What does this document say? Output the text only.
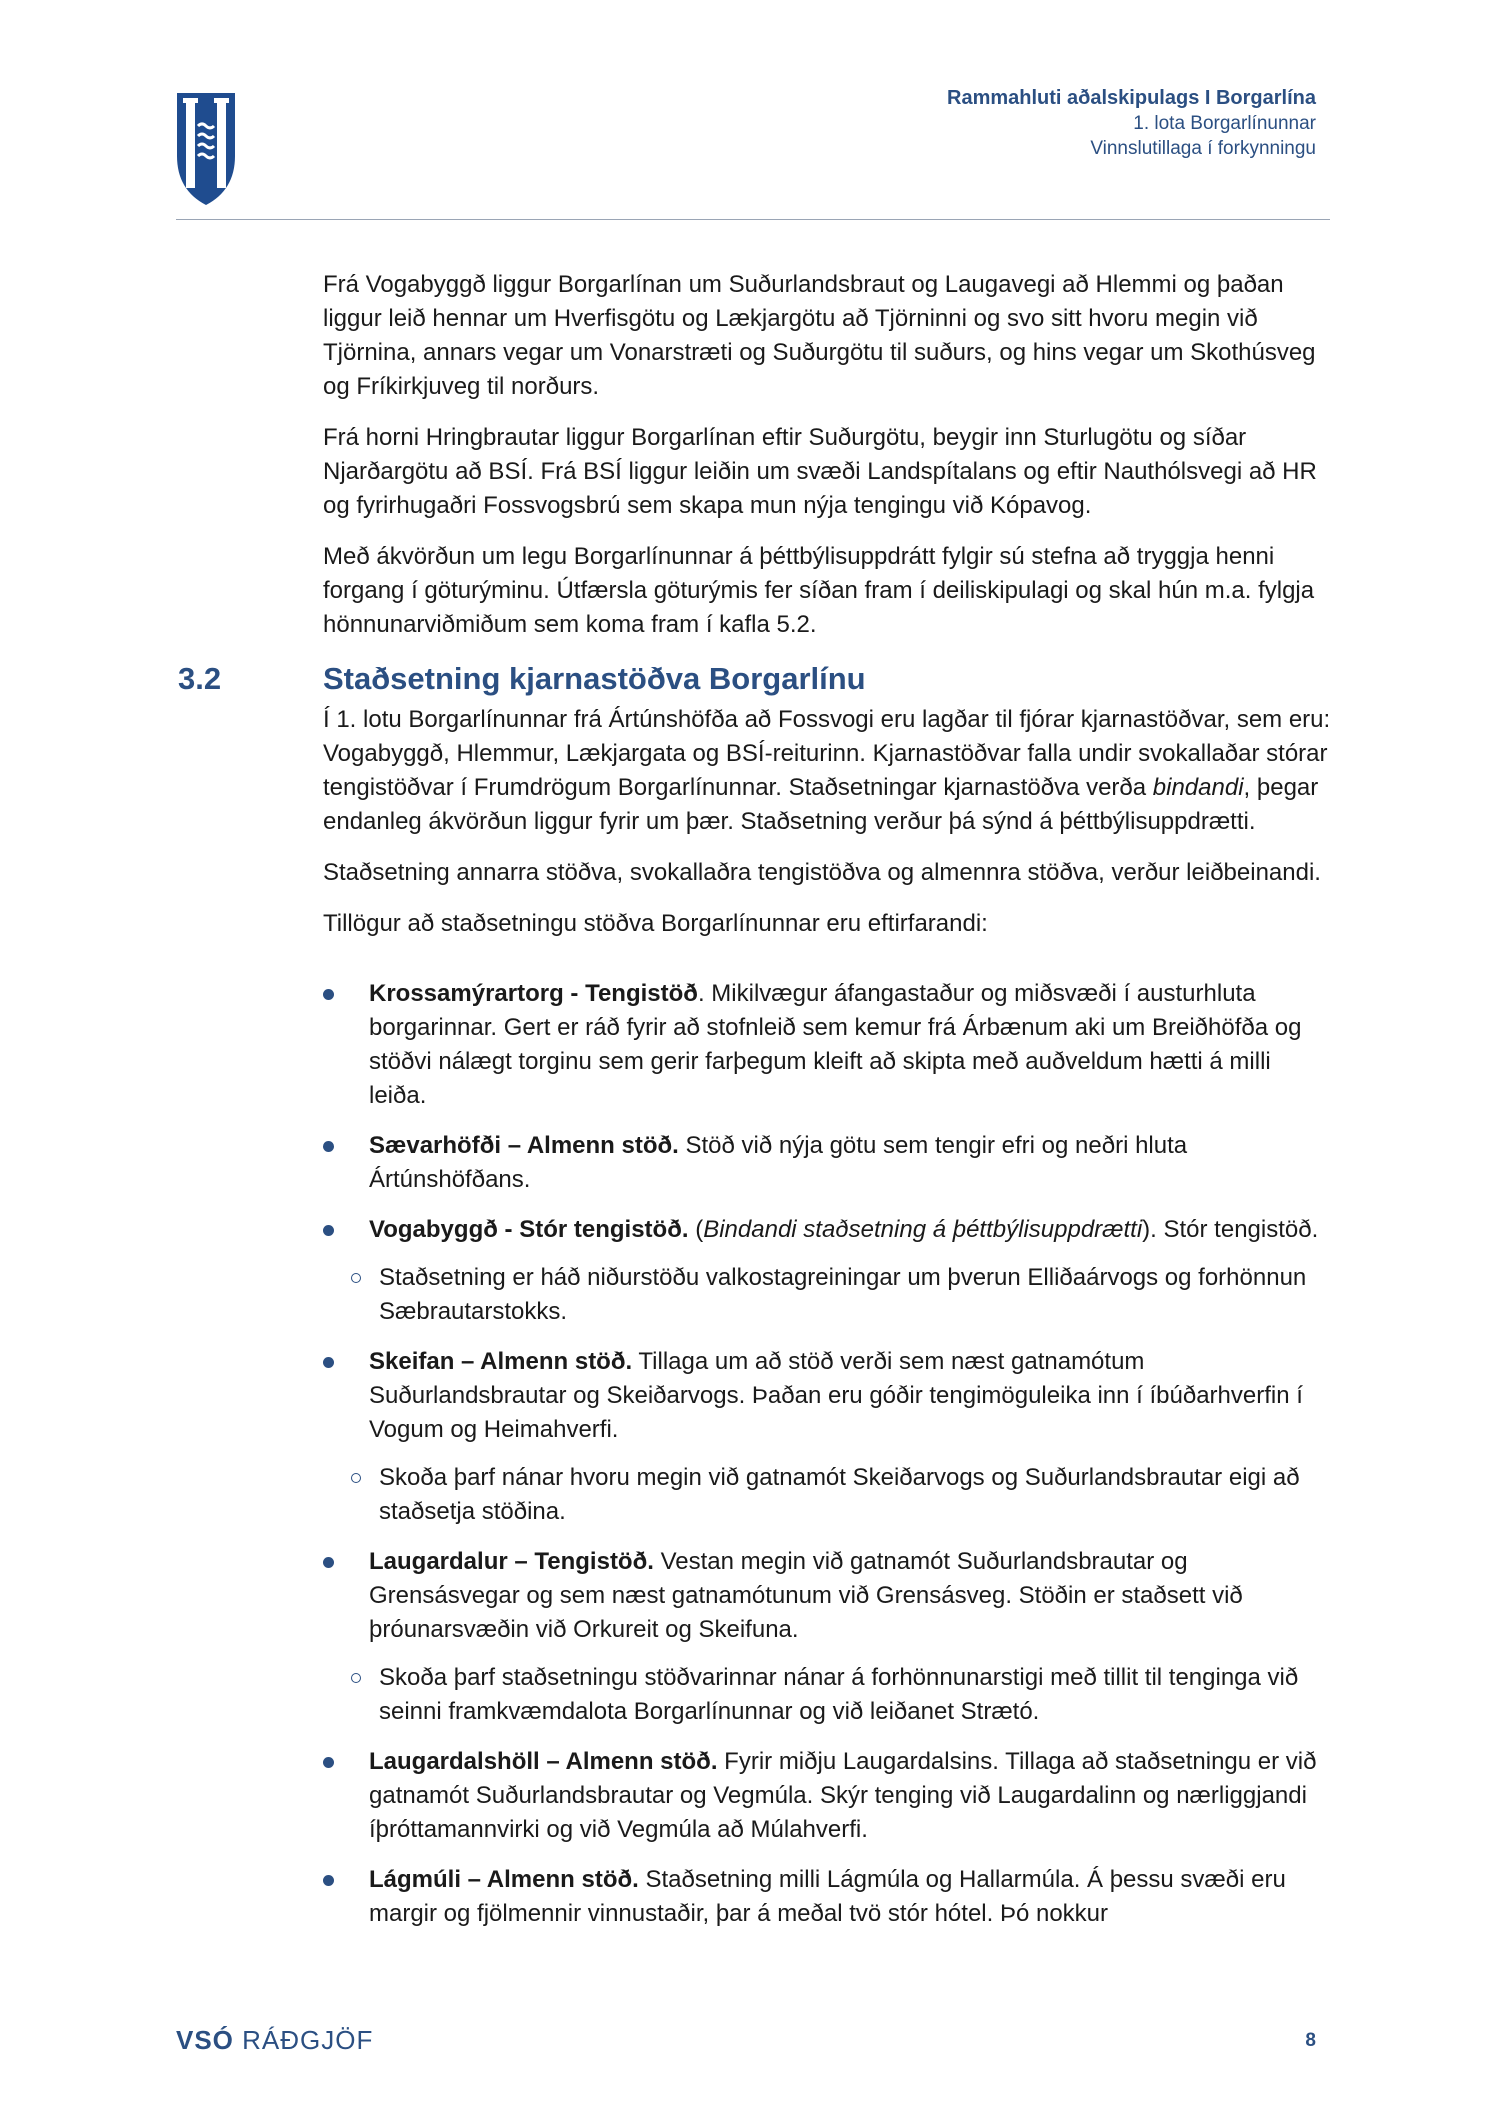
Rammahluti aðalskipulags I Borgarlína
1. lota Borgarlínunnar
Vinnslutillaga í forkynningu

Frá Vogabyggð liggur Borgarlínan um Suðurlandsbraut og Laugavegi að Hlemmi og þaðan liggur leið hennar um Hverfisgötu og Lækjargötu að Tjörninni og svo sitt hvoru megin við Tjörnina, annars vegar um Vonarstræti og Suðurgötu til suðurs, og hins vegar um Skothúsveg og Fríkirkjuveg til norðurs.

Frá horni Hringbrautar liggur Borgarlínan eftir Suðurgötu, beygir inn Sturlugötu og síðar Njarðargötu að BSÍ. Frá BSÍ liggur leiðin um svæði Landspítalans og eftir Nauthólsvegi að HR og fyrirhugaðri Fossvogsbrú sem skapa mun nýja tengingu við Kópavog.

Með ákvörðun um legu Borgarlínunnar á þéttbýlisuppdrátt fylgir sú stefna að tryggja henni forgang í göturýminu. Útfærsla göturýmis fer síðan fram í deiliskipulagi og skal hún m.a. fylgja hönnunarviðmiðum sem koma fram í kafla 5.2.

3.2	Staðsetning kjarnastöðva Borgarlínu

Í 1. lotu Borgarlínunnar frá Ártúnshöfða að Fossvogi eru lagðar til fjórar kjarnastöðvar, sem eru: Vogabyggð, Hlemmur, Lækjargata og BSÍ-reiturinn. Kjarnastöðvar falla undir svokallaðar stórar tengistöðvar í Frumdrögum Borgarlínunnar. Staðsetningar kjarnastöðva verða bindandi, þegar endanleg ákvörðun liggur fyrir um þær. Staðsetning verður þá sýnd á þéttbýlisuppdrætti.

Staðsetning annarra stöðva, svokallaðra tengistöðva og almennra stöðva, verður leiðbeinandi.

Tillögur að staðsetningu stöðva Borgarlínunnar eru eftirfarandi:

Krossamýrartorg - Tengistöð. Mikilvægur áfangastaður og miðsvæði í austurhluta borgarinnar. Gert er ráð fyrir að stofnleið sem kemur frá Árbænum aki um Breiðhöfða og stöðvi nálægt torginu sem gerir farþegum kleift að skipta með auðveldum hætti á milli leiða.
Sævarhöfði – Almenn stöð. Stöð við nýja götu sem tengir efri og neðri hluta Ártúnshöfðans.
Vogabyggð - Stór tengistöð. (Bindandi staðsetning á þéttbýlisuppdrætti). Stór tengistöð.
Staðsetning er háð niðurstöðu valkostagreiningar um þverun Elliðaárvogs og forhönnun Sæbrautarstokks.
Skeifan – Almenn stöð. Tillaga um að stöð verði sem næst gatnamótum Suðurlandsbrautar og Skeiðarvogs. Þaðan eru góðir tengimöguleika inn í íbúðarhverfin í Vogum og Heimahverfi.
Skoða þarf nánar hvoru megin við gatnamót Skeiðarvogs og Suðurlandsbrautar eigi að staðsetja stöðina.
Laugardalur – Tengistöð. Vestan megin við gatnamót Suðurlandsbrautar og Grensásvegar og sem næst gatnamótunum við Grensásveg. Stöðin er staðsett við þróunarsvæðin við Orkureit og Skeifuna.
Skoða þarf staðsetningu stöðvarinnar nánar á forhönnunarstigi með tillit til tenginga við seinni framkvæmdalota Borgarlínunnar og við leiðanet Strætó.
Laugardalshöll – Almenn stöð. Fyrir miðju Laugardalsins. Tillaga að staðsetningu er við gatnamót Suðurlandsbrautar og Vegmúla. Skýr tenging við Laugardalinn og nærliggjandi íþróttamannvirki og við Vegmúla að Múlahverfi.
Lágmúli – Almenn stöð. Staðsetning milli Lágmúla og Hallarmúla. Á þessu svæði eru margir og fjölmennir vinnustaðir, þar á meðal tvö stór hótel. Þó nokkur
VSÓ RÁÐGJÖF	8
